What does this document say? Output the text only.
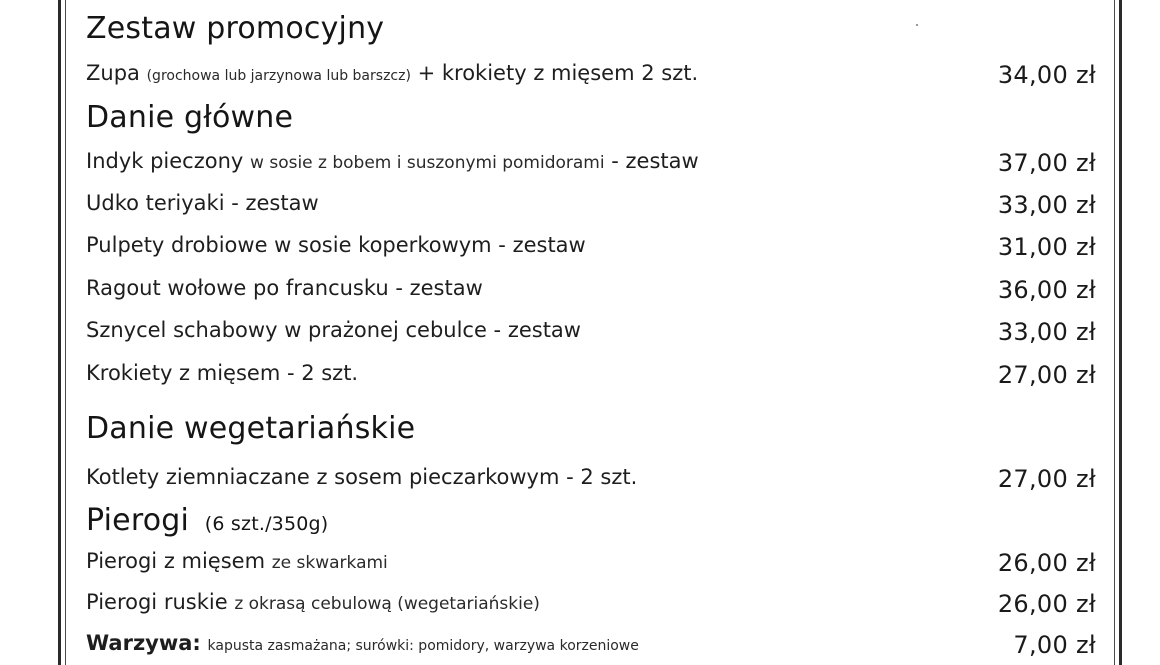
Zestaw promocyjny
Zupa (grochowa lub jarzynowa lub barszcz) + krokiety z mięsem 2 szt.	34,00 zł
Danie główne
Indyk pieczony w sosie z bobem i suszonymi pomidorami - zestaw	37,00 zł
Udko teriyaki - zestaw	33,00 zł
Pulpety drobiowe w sosie koperkowym - zestaw	31,00 zł
Ragout wołowe po francusku - zestaw	36,00 zł
Sznycel schabowy w prażonej cebulce - zestaw	33,00 zł
Krokiety z mięsem - 2 szt.	27,00 zł
Danie wegetariańskie
Kotlety ziemniaczane z sosem pieczarkowym - 2 szt.	27,00 zł
Pierogi (6 szt./350g)
Pierogi z mięsem ze skwarkami	26,00 zł
Pierogi ruskie z okrasą cebulową (wegetariańskie)	26,00 zł
Warzywa: kapusta zasmażana; surówki: pomidory, warzywa korzeniowe	7,00 zł
